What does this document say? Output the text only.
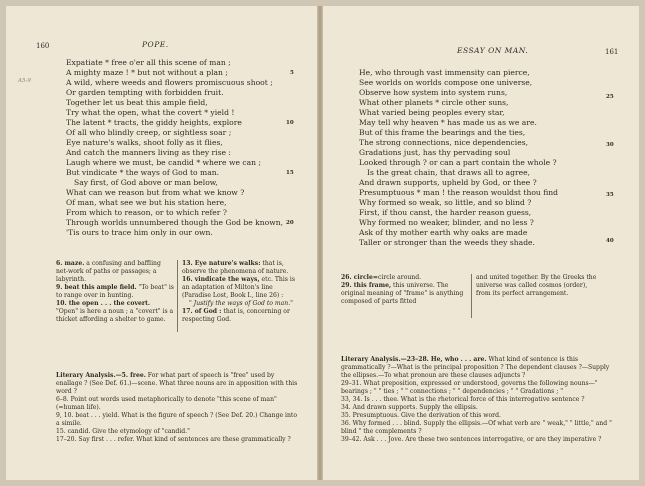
160	POPE.
A5-9
Expatiate * free o'er all this scene of man ;
A mighty maze ! * but not without a plan ;
A wild, where weeds and flowers promiscuous shoot ;
Or garden tempting with forbidden fruit.
Together let us beat this ample field,
Try what the open, what the covert * yield !
The latent * tracts, the giddy heights, explore
Of all who blindly creep, or sightless soar ;
Eye nature's walks, shoot folly as it flies,
And catch the manners living as they rise :
Laugh where we must, be candid * where we can ;
But vindicate * the ways of God to man.
Say first, of God above or man below,
What can we reason but from what we know ?
Of man, what see we but his station here,
From which to reason, or to which refer ?
Through worlds unnumbered though the God be known,
'Tis ours to trace him only in our own.
5
10
15
20
6. maze. a confusing and baffling net-work of paths or passages; a labyrinth.
9. beat this ample field. "To beat" is to range over in hunting.
10. the open . . . the covert. "Open" is here a noun ; a "covert" is a thicket affording a shelter to game.
13. Eye nature's walks: that is, observe the phenomena of nature.
16. vindicate the ways, etc. This is an adaptation of Milton's line (Paradise Lost, Book I., line 26) :
" Justify the ways of God to man."
17. of God : that is, concerning or respecting God.
Literary Analysis.—5. free. For what part of speech is "free" used by enallage ? (See Def. 61.)—scene. What three nouns are in apposition with this word ?
6–8. Point out words used metaphorically to denote "this scene of man" (=human life).
9, 10. beat . . . yield. What is the figure of speech ? (See Def. 20.) Change into a simile.
15. candid. Give the etymology of "candid."
17–20. Say first . . . refer. What kind of sentences are these grammatically ?
ESSAY ON MAN.	161
He, who through vast immensity can pierce,
See worlds on worlds compose one universe,
Observe how system into system runs,
What other planets * circle other suns,
What varied being peoples every star,
May tell why heaven * has made us as we are.
But of this frame the bearings and the ties,
The strong connections, nice dependencies,
Gradations just, has thy pervading soul
Looked through ? or can a part contain the whole ?
Is the great chain, that draws all to agree,
And drawn supports, upheld by God, or thee ?
Presumptuous * man ! the reason wouldst thou find
Why formed so weak, so little, and so blind ?
First, if thou canst, the harder reason guess,
Why formed no weaker, blinder, and no less ?
Ask of thy mother earth why oaks are made
Taller or stronger than the weeds they shade.
25
30
35
40
26. circle=circle around.
29. this frame, this universe. The original meaning of "frame" is anything composed of parts fitted
and united together. By the Greeks the universe was called cosmos (order), from its perfect arrangement.
Literary Analysis.—23–28. He, who . . . are. What kind of sentence is this grammatically ?—What is the principal proposition ? The dependent clauses ?—Supply the ellipses.—To what pronoun are these clauses adjuncts ?
29–31. What preposition, expressed or understood, governs the following nouns—" bearings ; " " ties ; " " connections ; " " dependencies ; " " Gradations ; "
33, 34. Is . . . thee. What is the rhetorical force of this interrogative sentence ?
34. And drawn supports. Supply the ellipsis.
35. Presumptuous. Give the derivation of this word.
36. Why formed . . . blind. Supply the ellipsis.—Of what verb are " weak," " little," and " blind " the complements ?
39–42. Ask . . . Jove. Are these two sentences interrogative, or are they imperative ?
